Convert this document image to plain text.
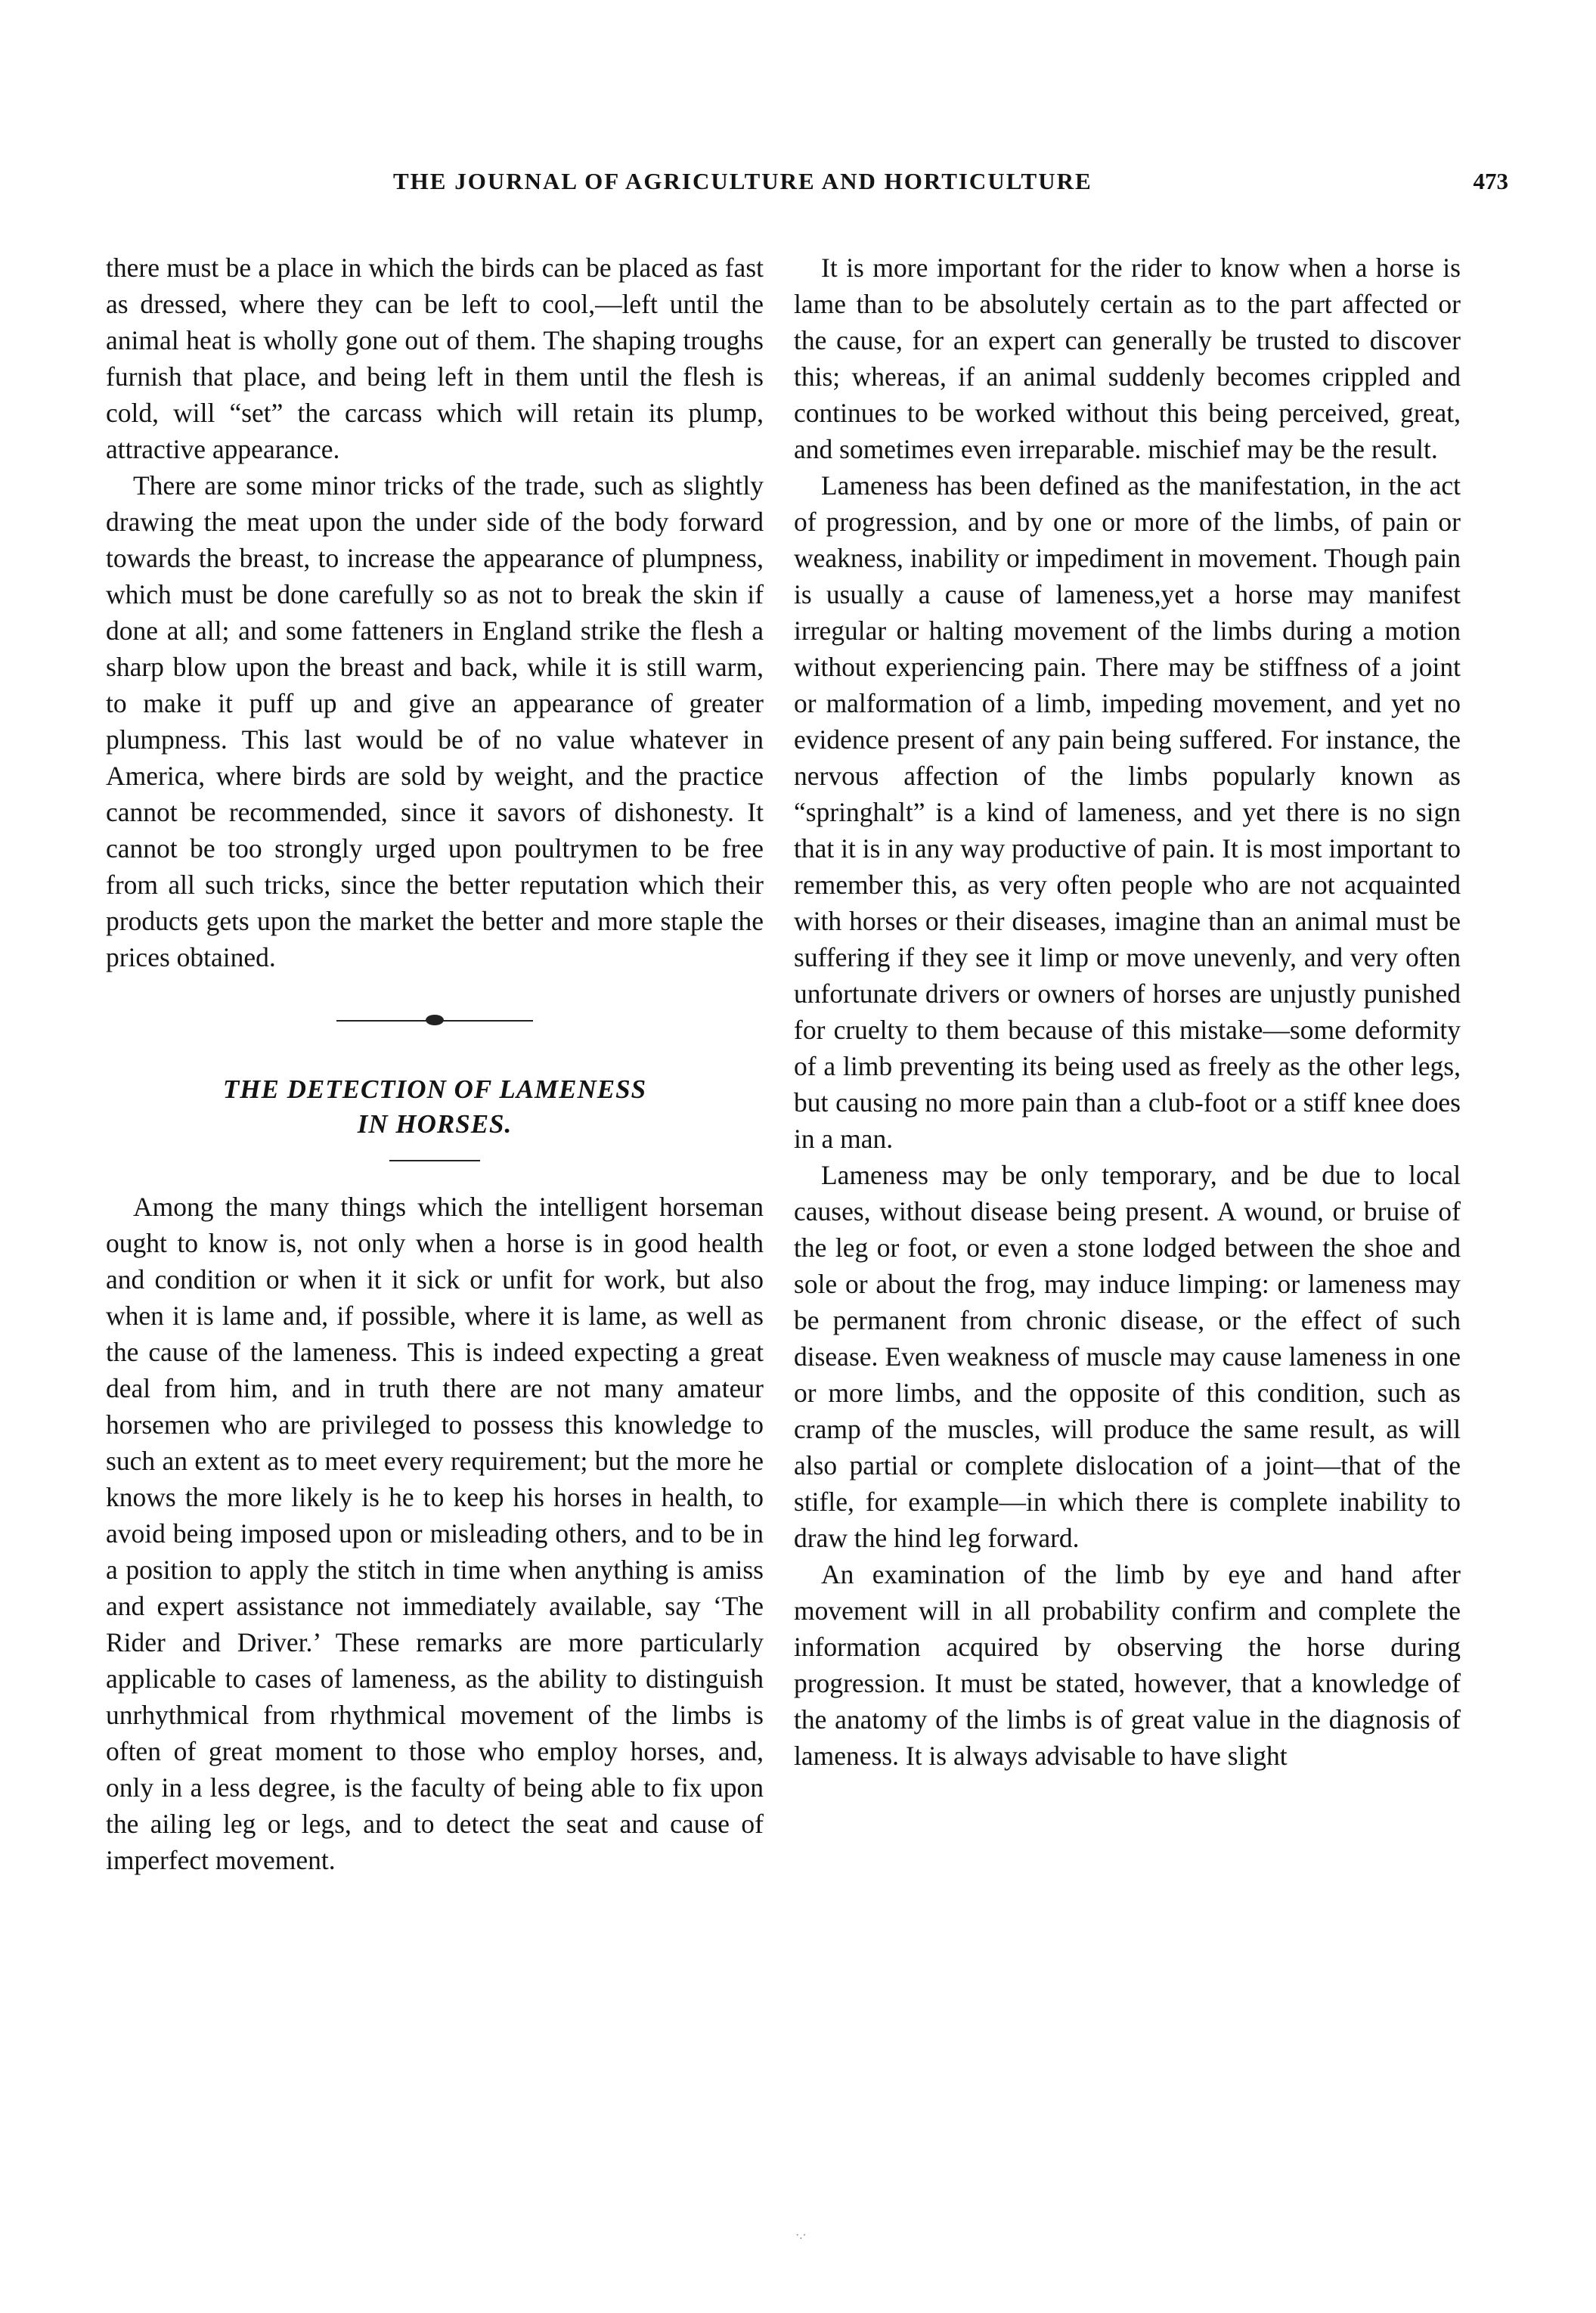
THE JOURNAL OF AGRICULTURE AND HORTICULTURE	473

there must be a place in which the birds can be placed as fast as dressed, where they can be left to cool,—left until the animal heat is wholly gone out of them. The shaping troughs furnish that place, and being left in them until the flesh is cold, will “set” the carcass which will retain its plump, attractive appearance.

There are some minor tricks of the trade, such as slightly drawing the meat upon the under side of the body forward towards the breast, to increase the appearance of plumpness, which must be done carefully so as not to break the skin if done at all; and some fatteners in England strike the flesh a sharp blow upon the breast and back, while it is still warm, to make it puff up and give an appearance of greater plumpness. This last would be of no value whatever in America, where birds are sold by weight, and the practice cannot be recommended, since it savors of dishonesty. It cannot be too strongly urged upon poultrymen to be free from all such tricks, since the better reputation which their products gets upon the market the better and more staple the prices obtained.

THE DETECTION OF LAMENESS
IN HORSES.

Among the many things which the intelligent horseman ought to know is, not only when a horse is in good health and condition or when it it sick or unfit for work, but also when it is lame and, if possible, where it is lame, as well as the cause of the lameness. This is indeed expecting a great deal from him, and in truth there are not many amateur horsemen who are privileged to possess this knowledge to such an extent as to meet every requirement; but the more he knows the more likely is he to keep his horses in health, to avoid being imposed upon or misleading others, and to be in a position to apply the stitch in time when anything is amiss and expert assistance not immediately available, say ‘The Rider and Driver.’ These remarks are more particularly applicable to cases of lameness, as the ability to distinguish unrhythmical from rhythmical movement of the limbs is often of great moment to those who employ horses, and, only in a less degree, is the faculty of being able to fix upon the ailing leg or legs, and to detect the seat and cause of imperfect movement.

It is more important for the rider to know when a horse is lame than to be absolutely certain as to the part affected or the cause, for an expert can generally be trusted to discover this; whereas, if an animal suddenly becomes crippled and continues to be worked without this being perceived, great, and sometimes even irreparable. mischief may be the result.

Lameness has been defined as the manifestation, in the act of progression, and by one or more of the limbs, of pain or weakness, inability or impediment in movement. Though pain is usually a cause of lameness,yet a horse may manifest irregular or halting movement of the limbs during a motion without experiencing pain. There may be stiffness of a joint or malformation of a limb, impeding movement, and yet no evidence present of any pain being suffered. For instance, the nervous affection of the limbs popularly known as “springhalt” is a kind of lameness, and yet there is no sign that it is in any way productive of pain. It is most important to remember this, as very often people who are not acquainted with horses or their diseases, imagine than an animal must be suffering if they see it limp or move unevenly, and very often unfortunate drivers or owners of horses are unjustly punished for cruelty to them because of this mistake—some deformity of a limb preventing its being used as freely as the other legs, but causing no more pain than a club-foot or a stiff knee does in a man.

Lameness may be only temporary, and be due to local causes, without disease being present. A wound, or bruise of the leg or foot, or even a stone lodged between the shoe and sole or about the frog, may induce limping: or lameness may be permanent from chronic disease, or the effect of such disease. Even weakness of muscle may cause lameness in one or more limbs, and the opposite of this condition, such as cramp of the muscles, will produce the same result, as will also partial or complete dislocation of a joint—that of the stifle, for example—in which there is complete inability to draw the hind leg forward.

An examination of the limb by eye and hand after movement will in all probability confirm and complete the information acquired by observing the horse during progression. It must be stated, however, that a knowledge of the anatomy of the limbs is of great value in the diagnosis of lameness. It is always advisable to have slight

·.·
